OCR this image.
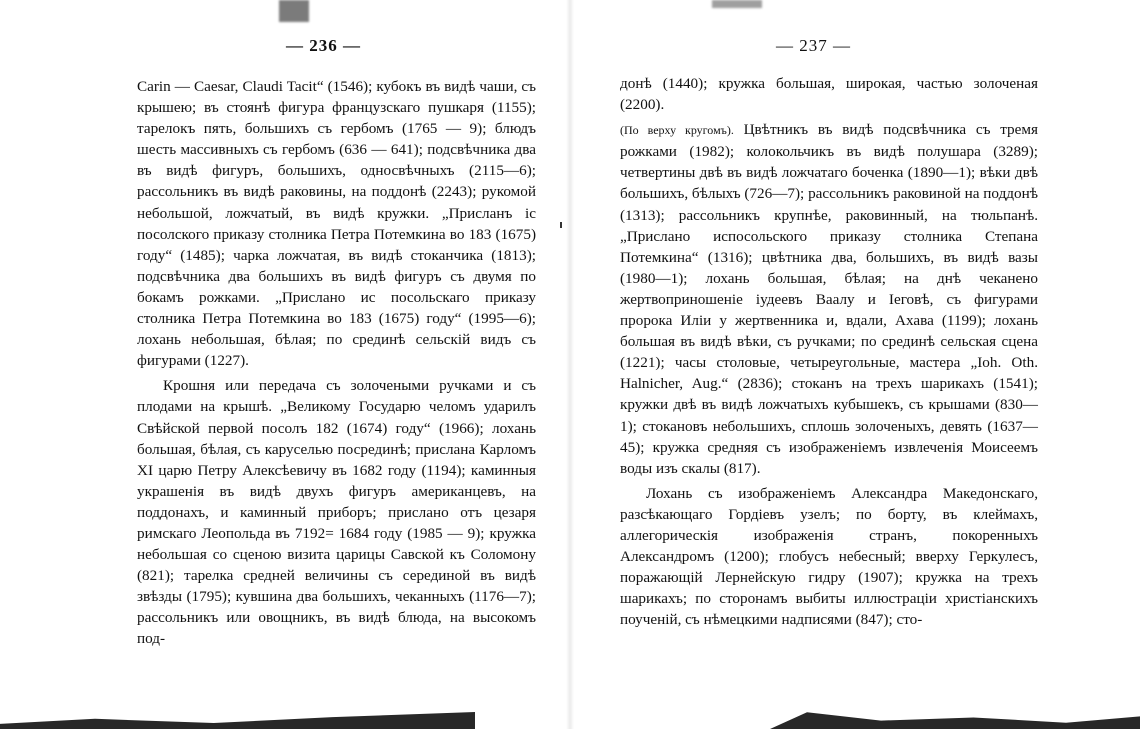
— 236 —

Carin — Caesar, Claudi Tacit“ (1546); кубокъ въ видѣ чаши, съ крышею; въ стоянѣ фигура французскаго пушкаря (1155); тарелокъ пять, большихъ съ гербомъ (1765 — 9); блюдъ шесть массивныхъ съ гербомъ (636 — 641); подсвѣчника два въ видѣ фигуръ, большихъ, односвѣчныхъ (2115—6); рассольникъ въ видѣ раковины, на поддонѣ (2243); рукомой небольшой, ложчатый, въ видѣ кружки. „Присланъ іс посолского приказу столника Петра Потемкина во 183 (1675) году“ (1485); чарка ложчатая, въ видѣ стоканчика (1813); подсвѣчника два большихъ въ видѣ фигуръ съ двумя по бокамъ рожками. „Прислано ис посольскаго приказу столника Петра Потемкина во 183 (1675) году“ (1995—6); лохань небольшая, бѣлая; по срединѣ сельскій видъ съ фигурами (1227).

Крошня или передача съ золочеными ручками и съ плодами на крышѣ. „Великому Государю челомъ ударилъ Свѣйской первой посолъ 182 (1674) году“ (1966); лохань большая, бѣлая, съ каруселью посрединѣ; прислана Карломъ XI царю Петру Алексѣевичу въ 1682 году (1194); каминныя украшенія въ видѣ двухъ фигуръ американцевъ, на поддонахъ, и каминный приборъ; прислано отъ цезаря римскаго Леопольда въ 7192= 1684 году (1985 — 9); кружка небольшая со сценою визита царицы Савской къ Соломону (821); тарелка средней величины съ серединой въ видѣ звѣзды (1795); кувшина два большихъ, чеканныхъ (1176—7); рассольникъ или овощникъ, въ видѣ блюда, на высокомъ под-

— 237 —

донѣ (1440); кружка большая, широкая, частью золоченая (2200).

(По верху кругомъ). Цвѣтникъ въ видѣ подсвѣчника съ тремя рожками (1982); колокольчикъ въ видѣ полушара (3289); четвертины двѣ въ видѣ ложчатаго боченка (1890—1); вѣки двѣ большихъ, бѣлыхъ (726—7); рассольникъ раковиной на поддонѣ (1313); рассольникъ крупнѣе, раковинный, на тюльпанѣ. „Прислано испосольского приказу столника Степана Потемкина“ (1316); цвѣтника два, большихъ, въ видѣ вазы (1980—1); лохань большая, бѣлая; на днѣ чеканено жертвоприношеніе іудеевъ Ваалу и Іеговѣ, съ фигурами пророка Иліи у жертвенника и, вдали, Ахава (1199); лохань большая въ видѣ вѣки, съ ручками; по срединѣ сельская сцена (1221); часы столовые, четыреугольные, мастера „Ioh. Oth. Halnicher, Aug.“ (2836); стоканъ на трехъ шарикахъ (1541); кружки двѣ въ видѣ ложчатыхъ кубышекъ, съ крышами (830—1); стокановъ небольшихъ, сплошь золоченыхъ, девять (1637—45); кружка средняя съ изображеніемъ извлеченія Моисеемъ воды изъ скалы (817).

Лохань съ изображеніемъ Александра Македонскаго, разсѣкающаго Гордіевъ узелъ; по борту, въ клеймахъ, аллегорическія изображенія странъ, покоренныхъ Александромъ (1200); глобусъ небесный; вверху Геркулесъ, поражающій Лернейскую гидру (1907); кружка на трехъ шарикахъ; по сторонамъ выбиты иллюстраціи христіанскихъ поученій, съ нѣмецкими надписями (847); сто-
